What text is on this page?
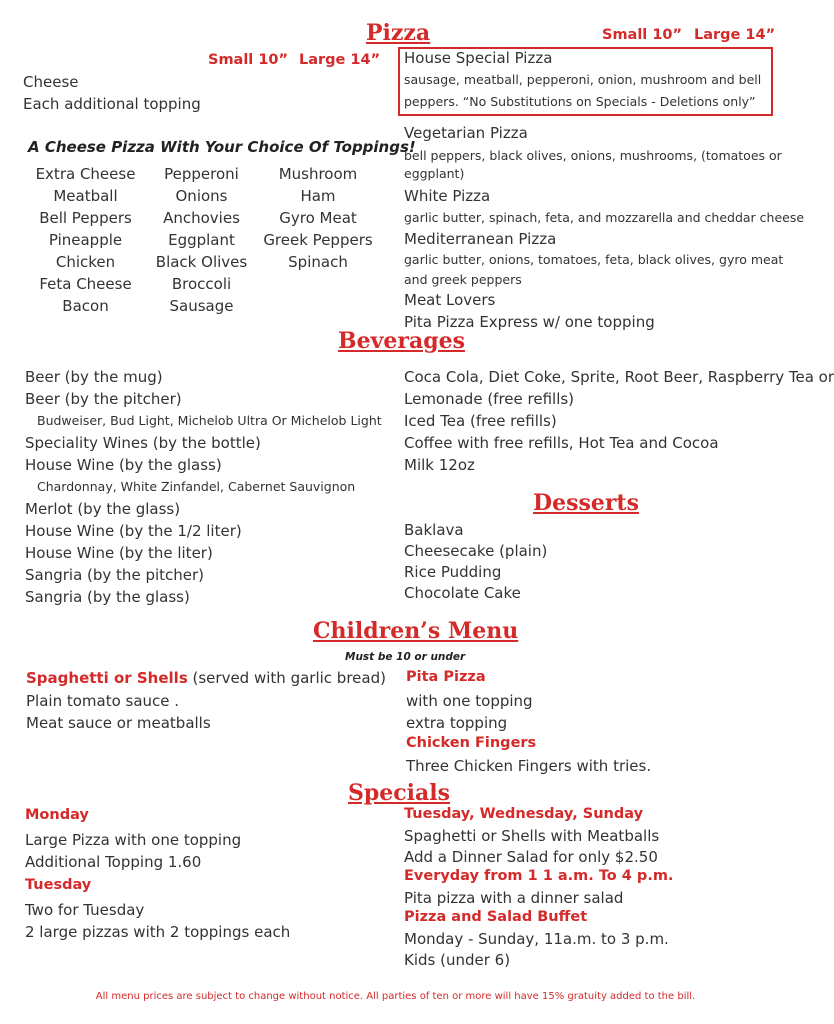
Pizza
Small 10” Large 14”
Small 10” Large 14”
Cheese
Each additional topping
A Cheese Pizza With Your Choice Of Toppings!
Extra Cheese
Meatball
Bell Peppers
Pineapple
Chicken
Feta Cheese
Bacon
Pepperoni
Onions
Anchovies
Eggplant
Black Olives
Broccoli
Sausage
Mushroom
Ham
Gyro Meat
Greek Peppers
Spinach
House Special Pizza
sausage, meatball, pepperoni, onion, mushroom and bell
peppers. “No Substitutions on Specials - Deletions only”
Vegetarian Pizza
bell peppers, black olives, onions, mushrooms, (tomatoes or
eggplant)
White Pizza
garlic butter, spinach, feta, and mozzarella and cheddar cheese
Mediterranean Pizza
garlic butter, onions, tomatoes, feta, black olives, gyro meat
and greek peppers
Meat Lovers
Pita Pizza Express w/ one topping
Beverages
Beer (by the mug)
Beer (by the pitcher)
Budweiser, Bud Light, Michelob Ultra Or Michelob Light
Speciality Wines (by the bottle)
House Wine (by the glass)
Chardonnay, White Zinfandel, Cabernet Sauvignon
Merlot (by the glass)
House Wine (by the 1/2 liter)
House Wine (by the liter)
Sangria (by the pitcher)
Sangria (by the glass)
Coca Cola, Diet Coke, Sprite, Root Beer, Raspberry Tea or
Lemonade (free refills)
Iced Tea (free refills)
Coffee with free refills, Hot Tea and Cocoa
Milk 12oz
Desserts
Baklava
Cheesecake (plain)
Rice Pudding
Chocolate Cake
Children’s Menu
Must be 10 or under
Spaghetti or Shells (served with garlic bread)
Plain tomato sauce .
Meat sauce or meatballs
Pita Pizza
with one topping
extra topping
Chicken Fingers
Three Chicken Fingers with tries.
Specials
Monday
Large Pizza with one topping
Additional Topping 1.60
Tuesday
Two for Tuesday
2 large pizzas with 2 toppings each
Tuesday, Wednesday, Sunday
Spaghetti or Shells with Meatballs
Add a Dinner Salad for only $2.50
Everyday from 1 1 a.m. To 4 p.m.
Pita pizza with a dinner salad
Pizza and Salad Buffet
Monday - Sunday, 11a.m. to 3 p.m.
Kids (under 6)
All menu prices are subject to change without notice. All parties of ten or more will have 15% gratuity added to the bill.
